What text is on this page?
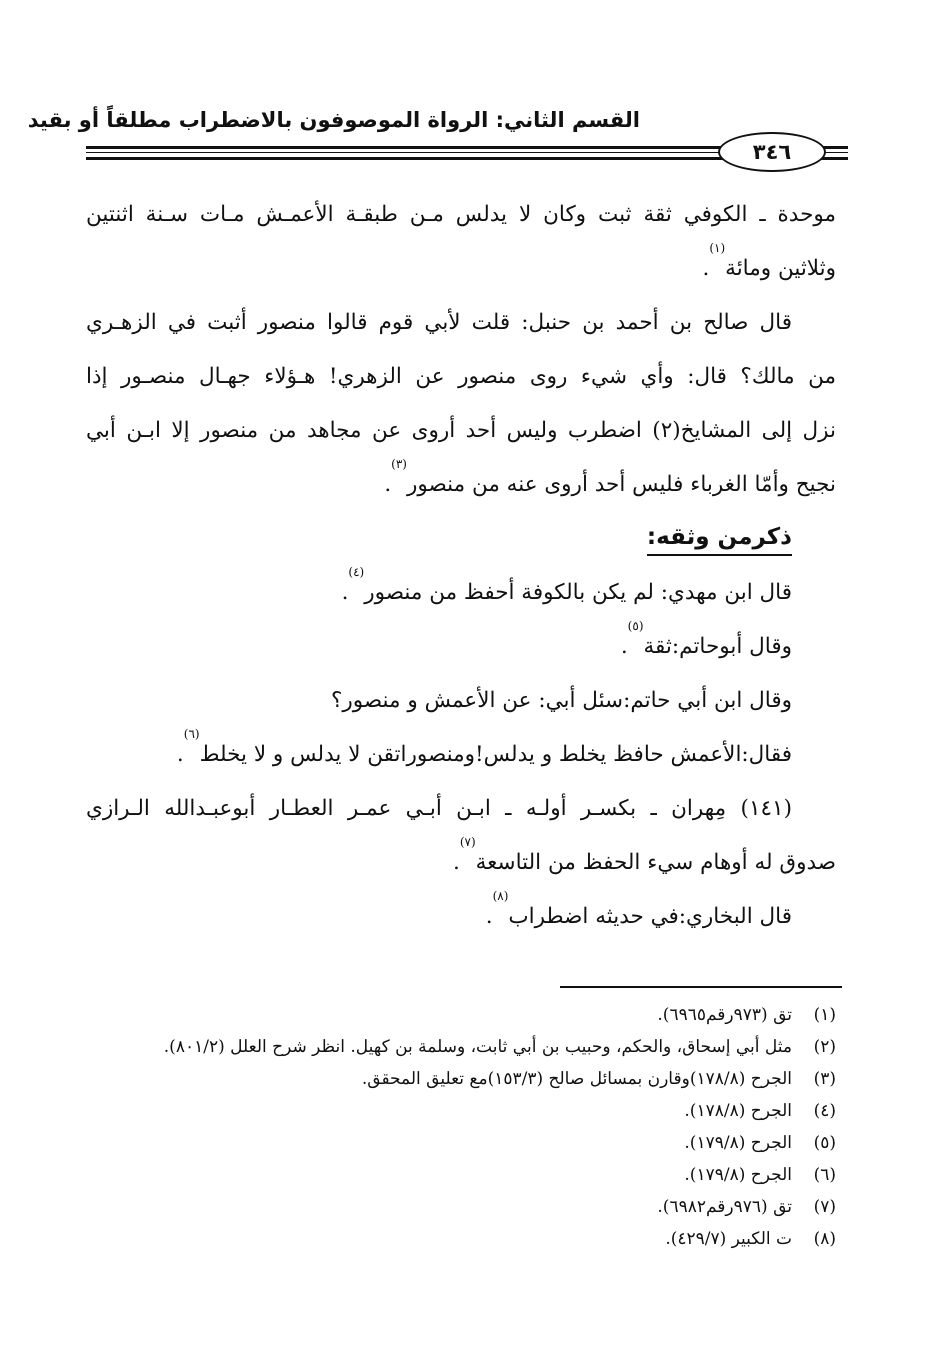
القسم الثاني: الرواة الموصوفون بالاضطراب مطلقاً أو بقيد
٣٤٦
موحدة ـ الكوفي ثقة ثبت وكان لا يدلس مـن طبقـة الأعمـش مـات سـنة اثنتين
وثلاثين ومائة$^{(١)}$.
قال صالح بن أحمد بن حنبل: قلت لأبي قوم قالوا منصور أثبت في الزهـري
من مالك؟ قال: وأي شيء روى منصور عن الزهري! هـؤلاء جهـال منصـور إذا
نزل إلى المشايخ(٢) اضطرب وليس أحد أروى عن مجاهد من منصور إلا ابـن أبي
نجيح وأمّا الغرباء فليس أحد أروى عنه من منصور$^{(٣)}$.
ذكرمن وثقه:
قال ابن مهدي: لم يكن بالكوفة أحفظ من منصور$^{(٤)}$.
وقال أبوحاتم:ثقة$^{(٥)}$.
وقال ابن أبي حاتم:سئل أبي: عن الأعمش و منصور؟
فقال:الأعمش حافظ يخلط و يدلس!ومنصوراتقن لا يدلس و لا يخلط$^{(٦)}$.
(١٤١) مِهران ـ بكسـر أولـه ـ ابـن أبـي عمـر العطـار أبوعبـدالله الـرازي
صدوق له أوهام سيء الحفظ من التاسعة$^{(٧)}$.
قال البخاري:في حديثه اضطراب$^{(٨)}$.
(١)
تق (٩٧٣رقم٦٩٦٥).
(٢)
مثل أبي إسحاق، والحكم، وحبيب بن أبي ثابت، وسلمة بن كهيل. انظر شرح العلل (٨٠١/٢).
(٣)
الجرح (١٧٨/٨)وقارن بمسائل صالح (١٥٣/٣)مع تعليق المحقق.
(٤)
الجرح (١٧٨/٨).
(٥)
الجرح (١٧٩/٨).
(٦)
الجرح (١٧٩/٨).
(٧)
تق (٩٧٦رقم٦٩٨٢).
(٨)
ت الكبير (٤٢٩/٧).
